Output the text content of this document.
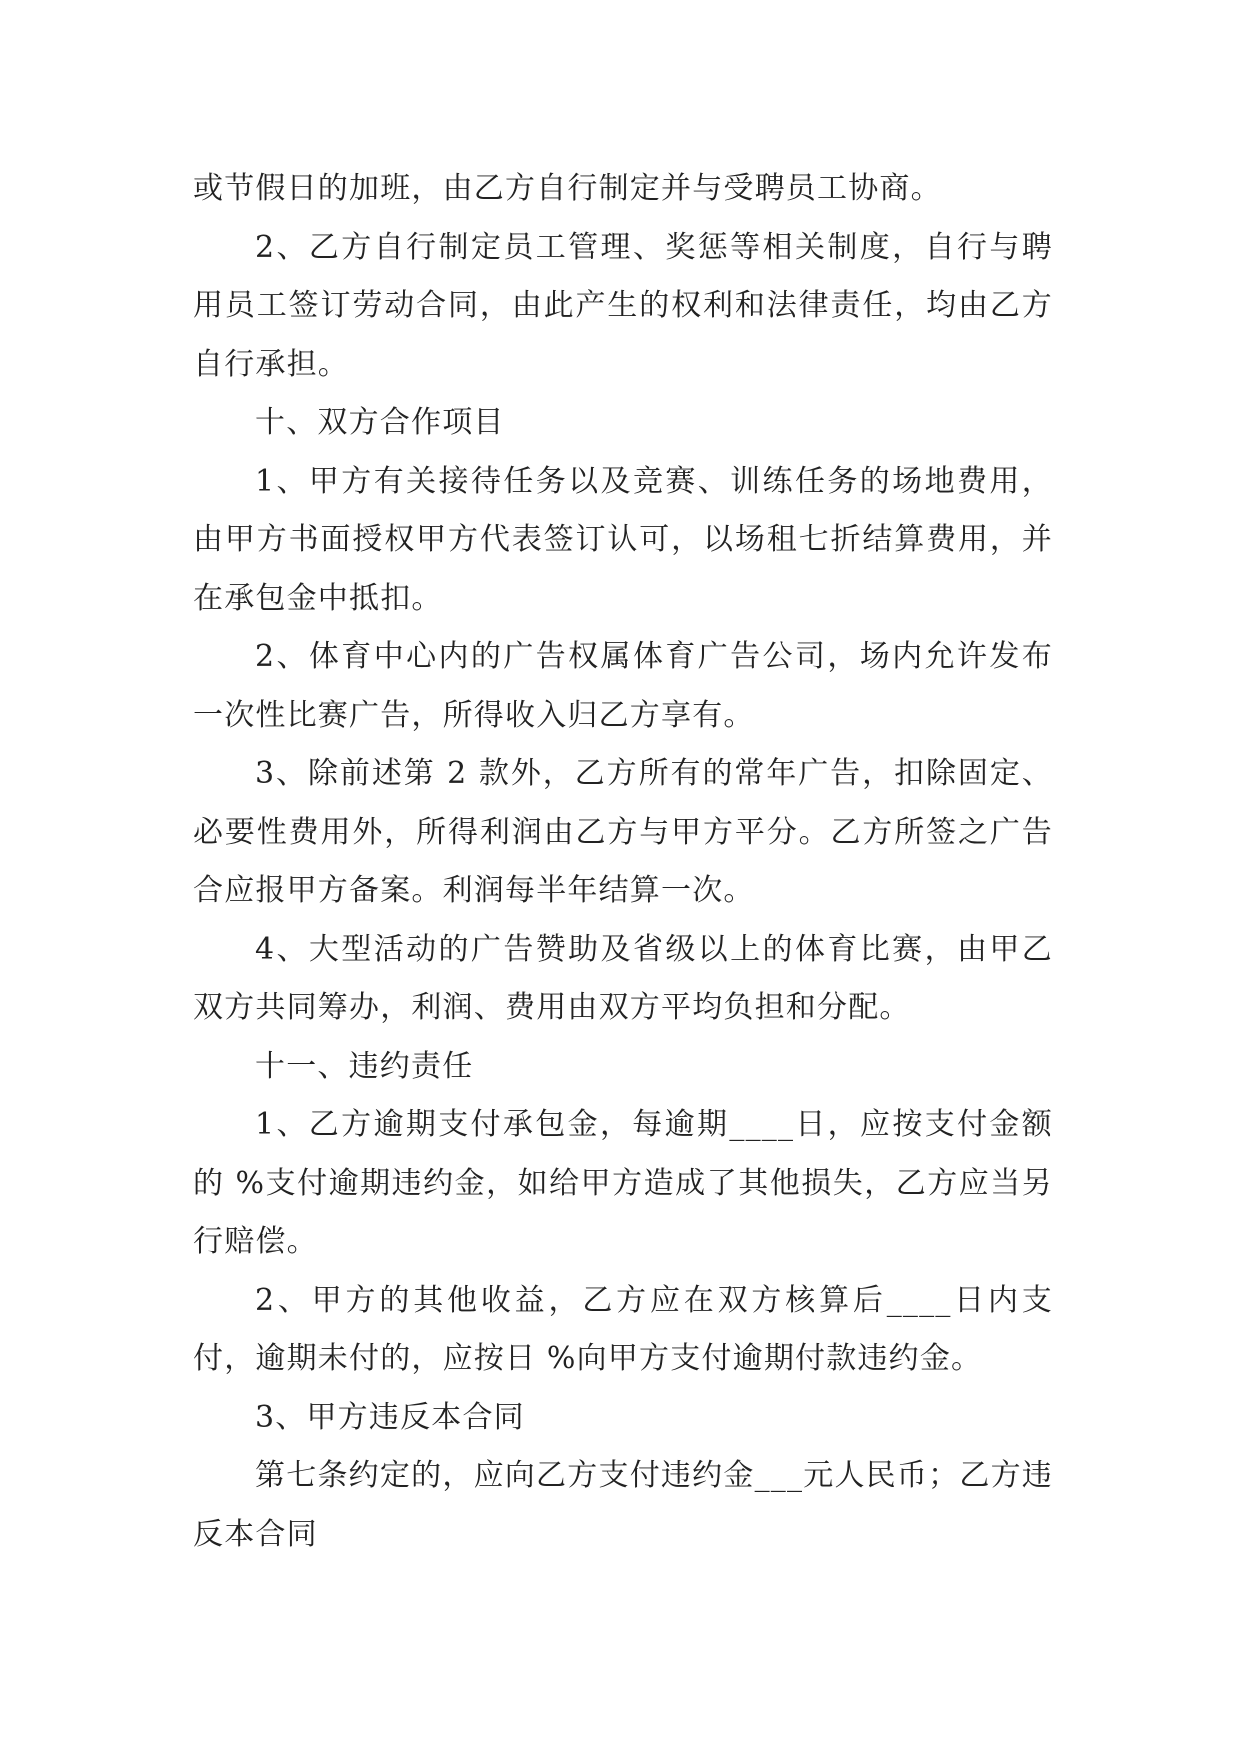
或节假日的加班，由乙方自行制定并与受聘员工协商。

2、乙方自行制定员工管理、奖惩等相关制度，自行与聘用员工签订劳动合同，由此产生的权利和法律责任，均由乙方自行承担。

十、双方合作项目

1、甲方有关接待任务以及竞赛、训练任务的场地费用，由甲方书面授权甲方代表签订认可，以场租七折结算费用，并在承包金中抵扣。

2、体育中心内的广告权属体育广告公司，场内允许发布一次性比赛广告，所得收入归乙方享有。

3、除前述第 2 款外，乙方所有的常年广告，扣除固定、必要性费用外，所得利润由乙方与甲方平分。乙方所签之广告合应报甲方备案。利润每半年结算一次。

4、大型活动的广告赞助及省级以上的体育比赛，由甲乙双方共同筹办，利润、费用由双方平均负担和分配。

十一、违约责任

1、乙方逾期支付承包金，每逾期____日，应按支付金额的 %支付逾期违约金，如给甲方造成了其他损失，乙方应当另行赔偿。

2、甲方的其他收益，乙方应在双方核算后____日内支付，逾期未付的，应按日 %向甲方支付逾期付款违约金。

3、甲方违反本合同

第七条约定的，应向乙方支付违约金___元人民币；乙方违反本合同
